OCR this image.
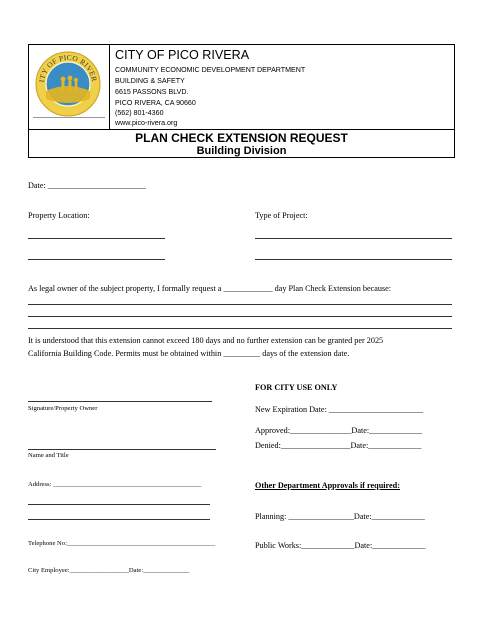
ITY OF PICO RIVER
CITY OF PICO RIVERA
COMMUNITY ECONOMIC DEVELOPMENT DEPARTMENT
BUILDING & SAFETY
6615 PASSONS BLVD.
PICO RIVERA, CA 90660
(562) 801-4360
www.pico-rivera.org
PLAN CHECK EXTENSION REQUEST
Building Division
Date: ________________________
Property Location:	Type of Project:
As legal owner of the subject property, I formally request a ____________ day Plan Check Extension because:
It is understood that this extension cannot exceed 180 days and no further extension can be granted per 2025
California Building Code. Permits must be obtained within _________ days of the extension date.
Signature/Property Owner
Name and Title
Address: _____________________________________________
Telephone No:_____________________________________________
City Employee:__________________Date:______________
FOR CITY USE ONLY
New Expiration Date: _______________________
Approved:_______________Date:_____________
Denied:_________________Date:_____________
Other Department Approvals if required:
Planning: ________________Date:_____________
Public Works:_____________Date:_____________
